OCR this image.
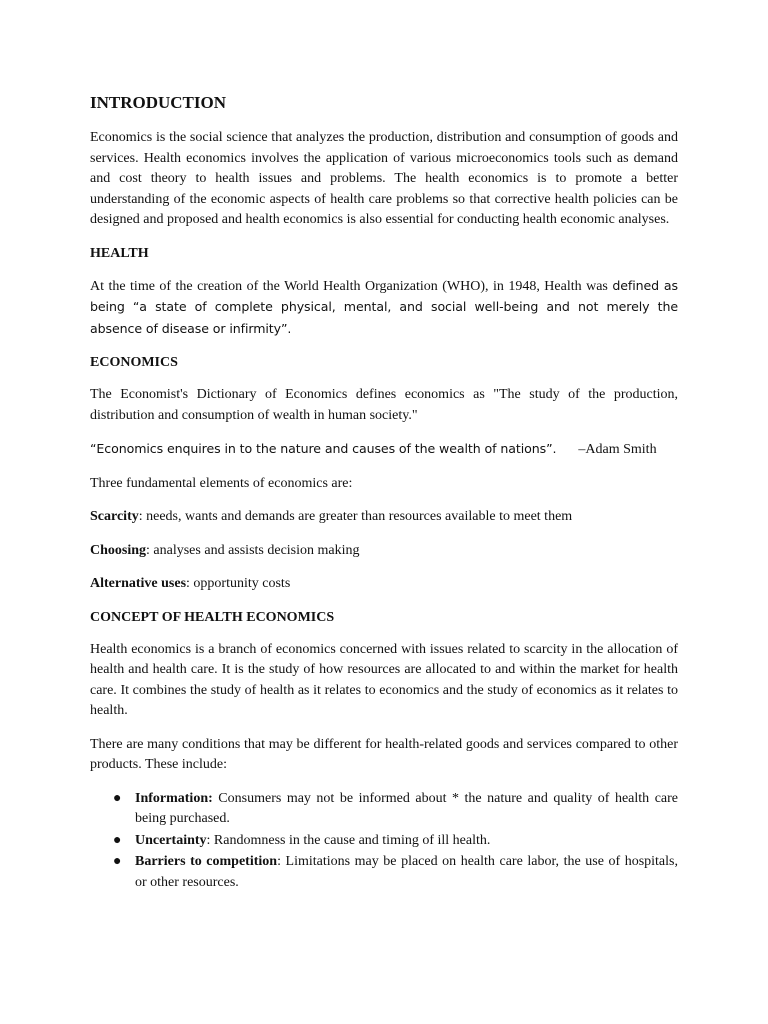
INTRODUCTION

Economics is the social science that analyzes the production, distribution and consumption of goods and services. Health economics involves the application of various microeconomics tools such as demand and cost theory to health issues and problems. The health economics is to promote a better understanding of the economic aspects of health care problems so that corrective health policies can be designed and proposed and health economics is also essential for conducting health economic analyses.

HEALTH

At the time of the creation of the World Health Organization (WHO), in 1948, Health was defined as being “a state of complete physical, mental, and social well-being and not merely the absence of disease or infirmity”.

ECONOMICS

The Economist's Dictionary of Economics defines economics as "The study of the production, distribution and consumption of wealth in human society."

“Economics enquires in to the nature and causes of the wealth of nations”. –Adam Smith

Three fundamental elements of economics are:

Scarcity: needs, wants and demands are greater than resources available to meet them

Choosing: analyses and assists decision making

Alternative uses: opportunity costs

CONCEPT OF HEALTH ECONOMICS

Health economics is a branch of economics concerned with issues related to scarcity in the allocation of health and health care. It is the study of how resources are allocated to and within the market for health care. It combines the study of health as it relates to economics and the study of economics as it relates to health.

There are many conditions that may be different for health-related goods and services compared to other products. These include:

● Information: Consumers may not be informed about * the nature and quality of health care being purchased.
● Uncertainty: Randomness in the cause and timing of ill health.
● Barriers to competition: Limitations may be placed on health care labor, the use of hospitals, or other resources.
